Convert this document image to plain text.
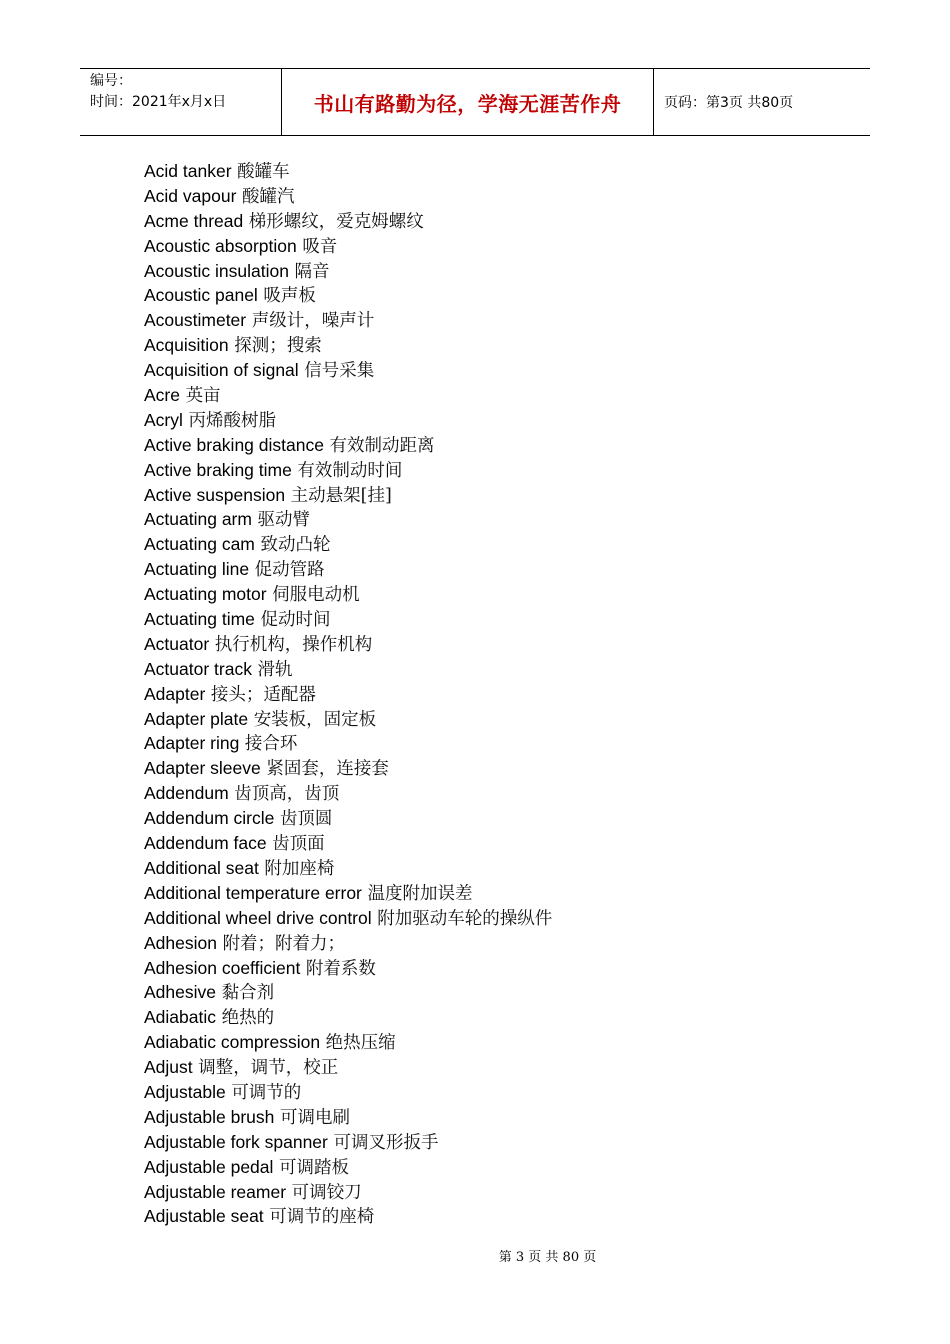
编号：
时间：2021年x月x日	书山有路勤为径，学海无涯苦作舟	页码：第3页 共80页
Acid tanker 酸罐车
Acid vapour 酸罐汽
Acme thread 梯形螺纹，爱克姆螺纹
Acoustic absorption 吸音
Acoustic insulation 隔音
Acoustic panel 吸声板
Acoustimeter 声级计，噪声计
Acquisition 探测；搜索
Acquisition of signal 信号采集
Acre 英亩
Acryl 丙烯酸树脂
Active braking distance 有效制动距离
Active braking time 有效制动时间
Active suspension 主动悬架[挂]
Actuating arm 驱动臂
Actuating cam 致动凸轮
Actuating line 促动管路
Actuating motor 伺服电动机
Actuating time 促动时间
Actuator 执行机构，操作机构
Actuator track 滑轨
Adapter 接头；适配器
Adapter plate 安装板，固定板
Adapter ring 接合环
Adapter sleeve 紧固套，连接套
Addendum 齿顶高，齿顶
Addendum circle 齿顶圆
Addendum face 齿顶面
Additional seat 附加座椅
Additional temperature error 温度附加误差
Additional wheel drive control 附加驱动车轮的操纵件
Adhesion 附着；附着力；
Adhesion coefficient 附着系数
Adhesive 黏合剂
Adiabatic 绝热的
Adiabatic compression 绝热压缩
Adjust 调整，调节，校正
Adjustable 可调节的
Adjustable brush 可调电刷
Adjustable fork spanner 可调叉形扳手
Adjustable pedal 可调踏板
Adjustable reamer 可调铰刀
Adjustable seat 可调节的座椅
第 3 页 共 80 页
